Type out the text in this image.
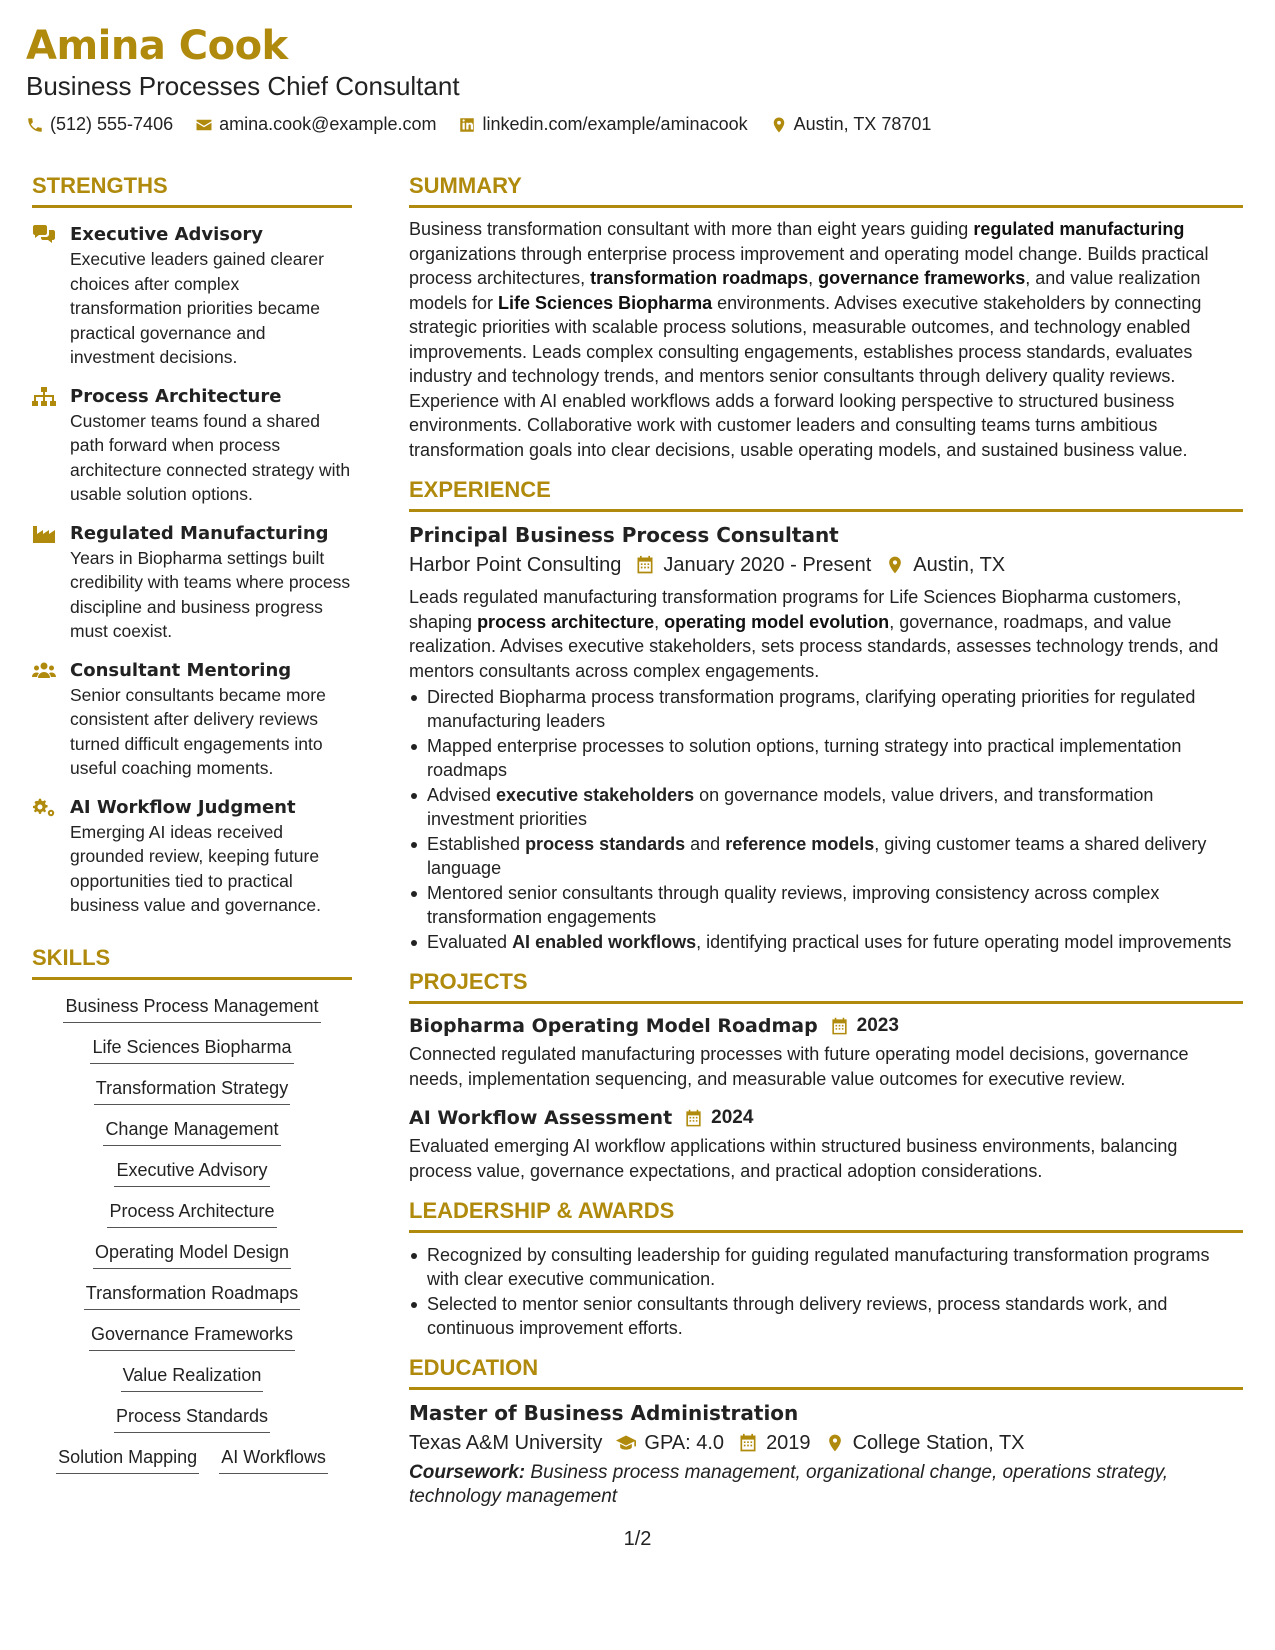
Amina Cook
Business Processes Chief Consultant
(512) 555-7406	amina.cook@example.com	linkedin.com/example/aminacook	Austin, TX 78701
STRENGTHS
Executive Advisory
Executive leaders gained clearer choices after complex transformation priorities became practical governance and investment decisions.
Process Architecture
Customer teams found a shared path forward when process architecture connected strategy with usable solution options.
Regulated Manufacturing
Years in Biopharma settings built credibility with teams where process discipline and business progress must coexist.
Consultant Mentoring
Senior consultants became more consistent after delivery reviews turned difficult engagements into useful coaching moments.
AI Workflow Judgment
Emerging AI ideas received grounded review, keeping future opportunities tied to practical business value and governance.
SKILLS
Business Process Management
Life Sciences Biopharma
Transformation Strategy
Change Management
Executive Advisory
Process Architecture
Operating Model Design
Transformation Roadmaps
Governance Frameworks
Value Realization
Process Standards
Solution Mapping AI Workflows
SUMMARY
Business transformation consultant with more than eight years guiding regulated manufacturing organizations through enterprise process improvement and operating model change. Builds practical process architectures, transformation roadmaps, governance frameworks, and value realization models for Life Sciences Biopharma environments. Advises executive stakeholders by connecting strategic priorities with scalable process solutions, measurable outcomes, and technology enabled improvements. Leads complex consulting engagements, establishes process standards, evaluates industry and technology trends, and mentors senior consultants through delivery quality reviews. Experience with AI enabled workflows adds a forward looking perspective to structured business environments. Collaborative work with customer leaders and consulting teams turns ambitious transformation goals into clear decisions, usable operating models, and sustained business value.
EXPERIENCE
Principal Business Process Consultant
Harbor Point Consulting January 2020 - Present Austin, TX
Leads regulated manufacturing transformation programs for Life Sciences Biopharma customers, shaping process architecture, operating model evolution, governance, roadmaps, and value realization. Advises executive stakeholders, sets process standards, assesses technology trends, and mentors consultants across complex engagements.
Directed Biopharma process transformation programs, clarifying operating priorities for regulated manufacturing leaders
Mapped enterprise processes to solution options, turning strategy into practical implementation roadmaps
Advised executive stakeholders on governance models, value drivers, and transformation investment priorities
Established process standards and reference models, giving customer teams a shared delivery language
Mentored senior consultants through quality reviews, improving consistency across complex transformation engagements
Evaluated AI enabled workflows, identifying practical uses for future operating model improvements
PROJECTS
Biopharma Operating Model Roadmap 2023
Connected regulated manufacturing processes with future operating model decisions, governance needs, implementation sequencing, and measurable value outcomes for executive review.
AI Workflow Assessment 2024
Evaluated emerging AI workflow applications within structured business environments, balancing process value, governance expectations, and practical adoption considerations.
LEADERSHIP & AWARDS
Recognized by consulting leadership for guiding regulated manufacturing transformation programs with clear executive communication.
Selected to mentor senior consultants through delivery reviews, process standards work, and continuous improvement efforts.
EDUCATION
Master of Business Administration
Texas A&M University GPA: 4.0 2019 College Station, TX
Coursework: Business process management, organizational change, operations strategy, technology management
1/2
